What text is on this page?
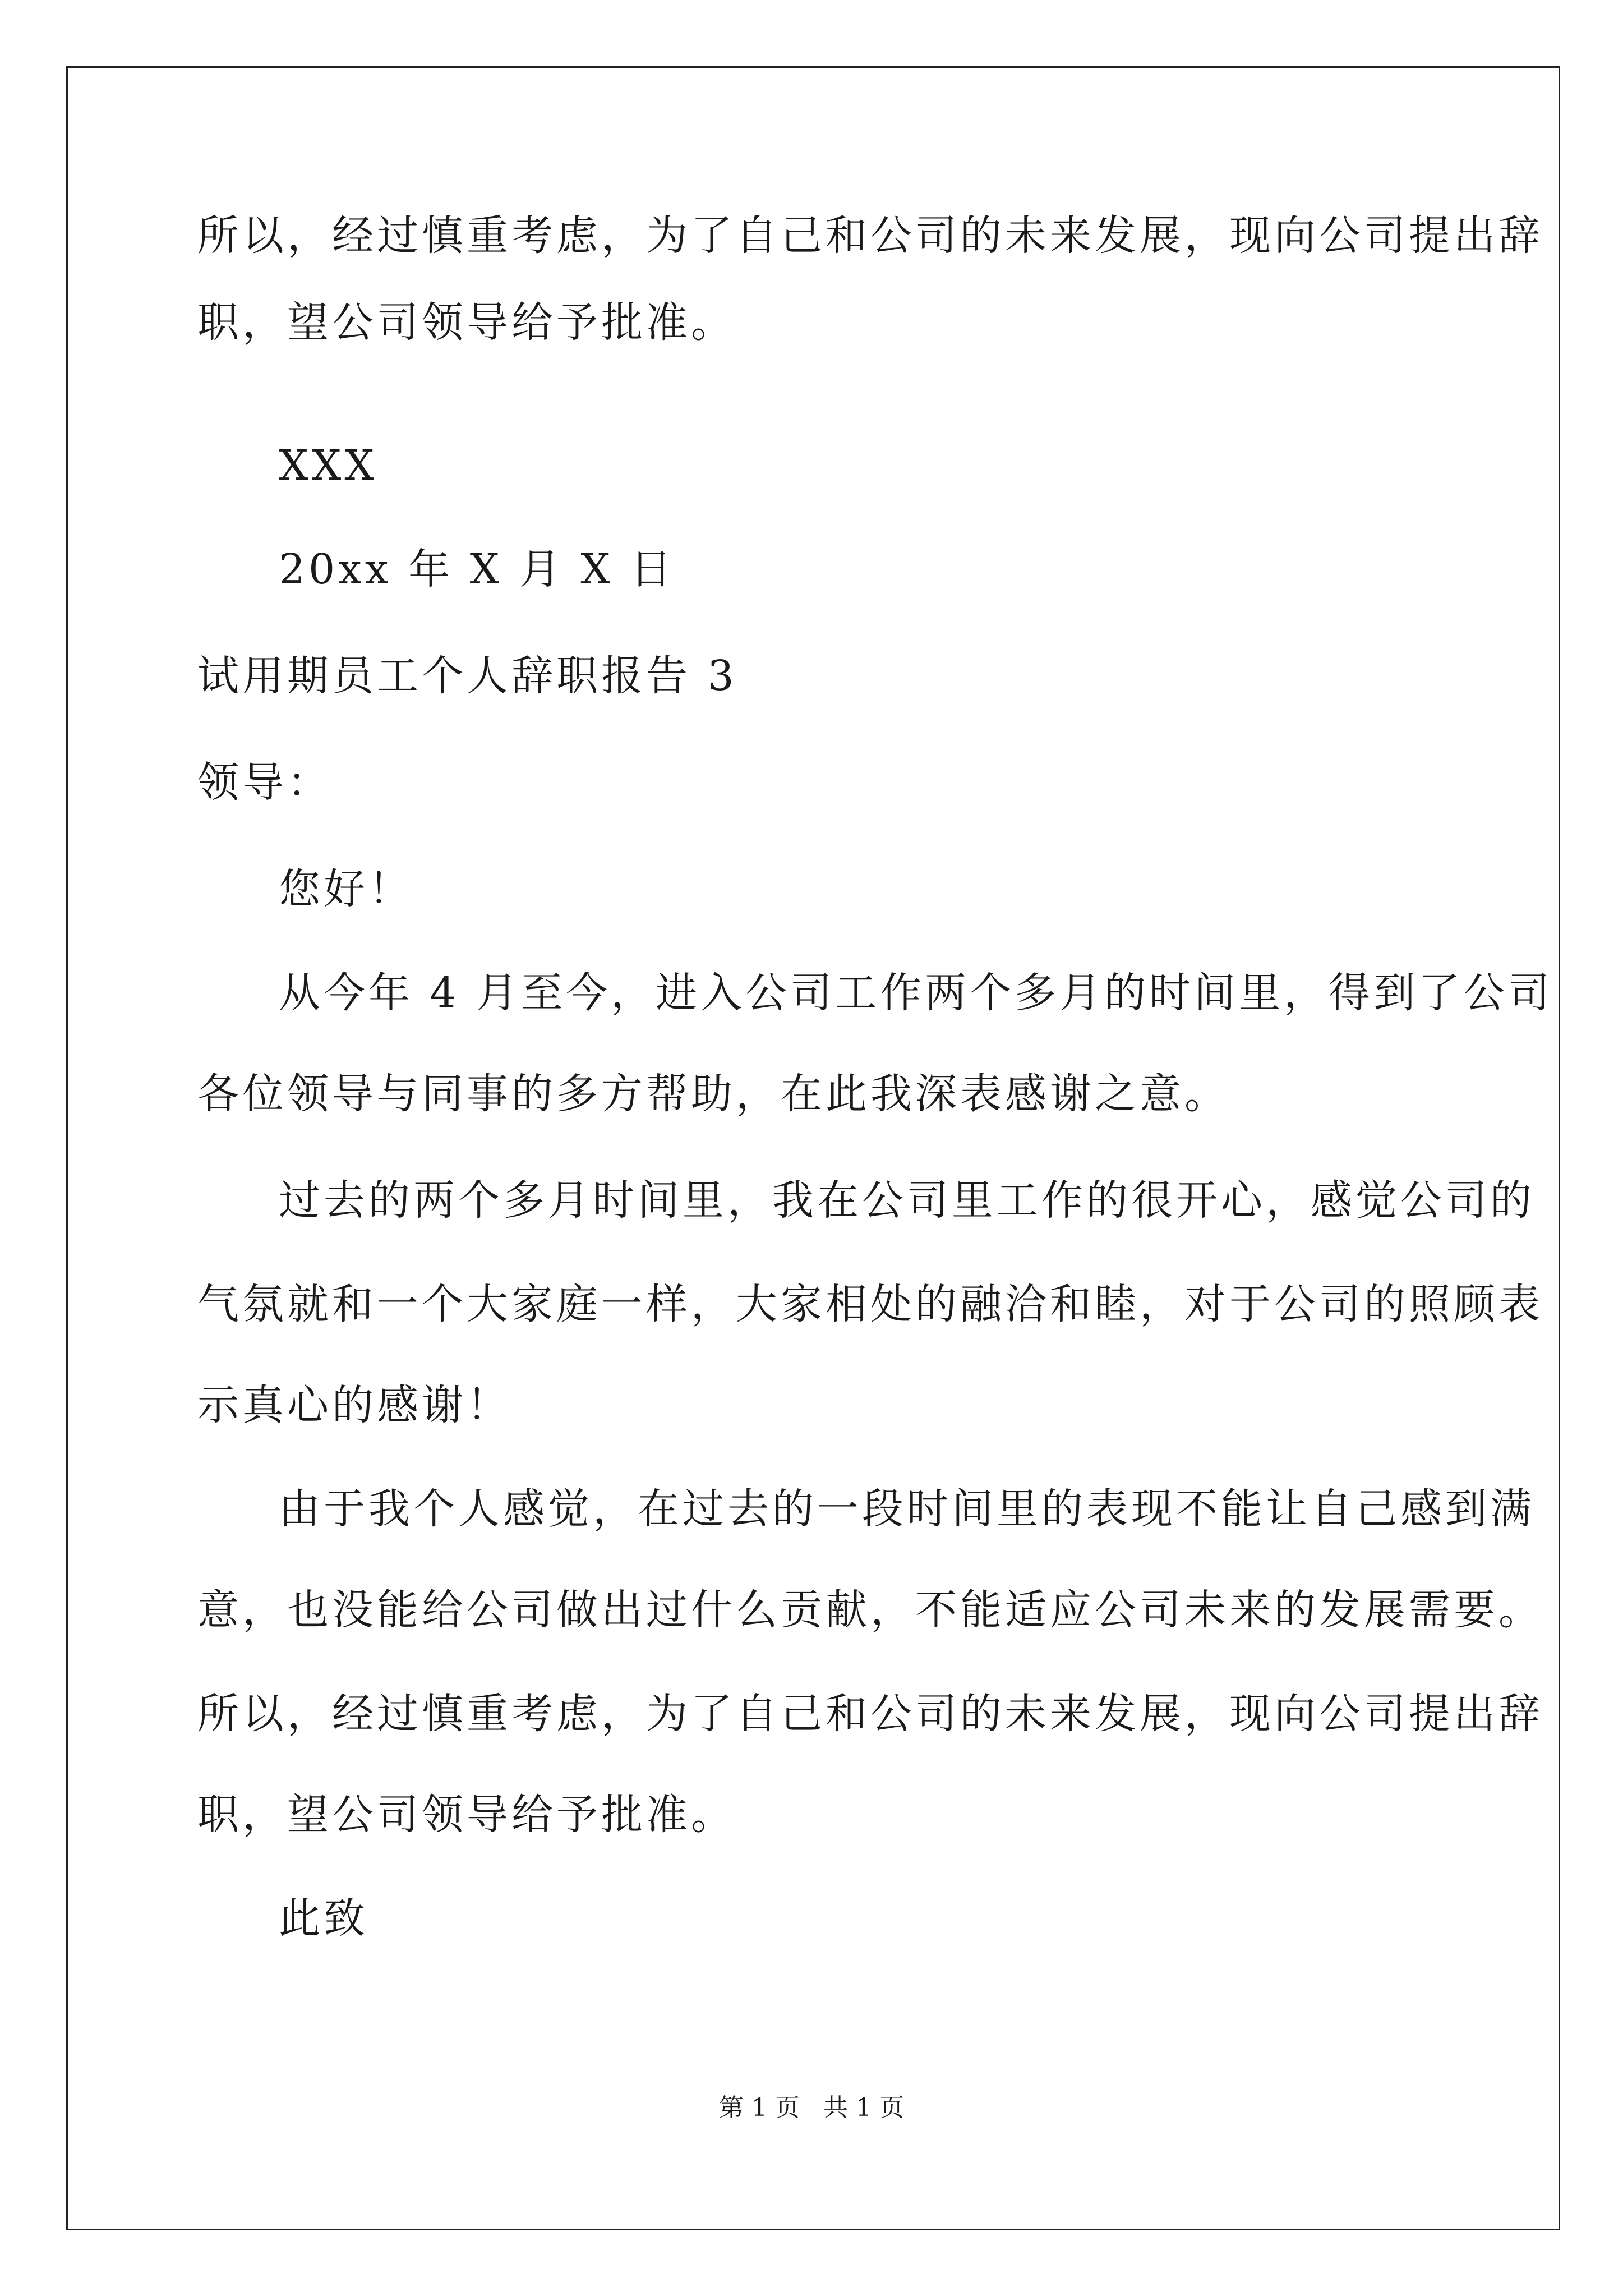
所以，经过慎重考虑，为了自己和公司的未来发展，现向公司提出辞
职，望公司领导给予批准。
XXX
20xx 年 X 月 X 日
试用期员工个人辞职报告 3
领导：
您好！
从今年 4 月至今，进入公司工作两个多月的时间里，得到了公司
各位领导与同事的多方帮助，在此我深表感谢之意。
过去的两个多月时间里，我在公司里工作的很开心，感觉公司的
气氛就和一个大家庭一样，大家相处的融洽和睦，对于公司的照顾表
示真心的感谢！
由于我个人感觉，在过去的一段时间里的表现不能让自己感到满
意，也没能给公司做出过什么贡献，不能适应公司未来的发展需要。
所以，经过慎重考虑，为了自己和公司的未来发展，现向公司提出辞
职，望公司领导给予批准。
此致
第 1 页   共 1 页
